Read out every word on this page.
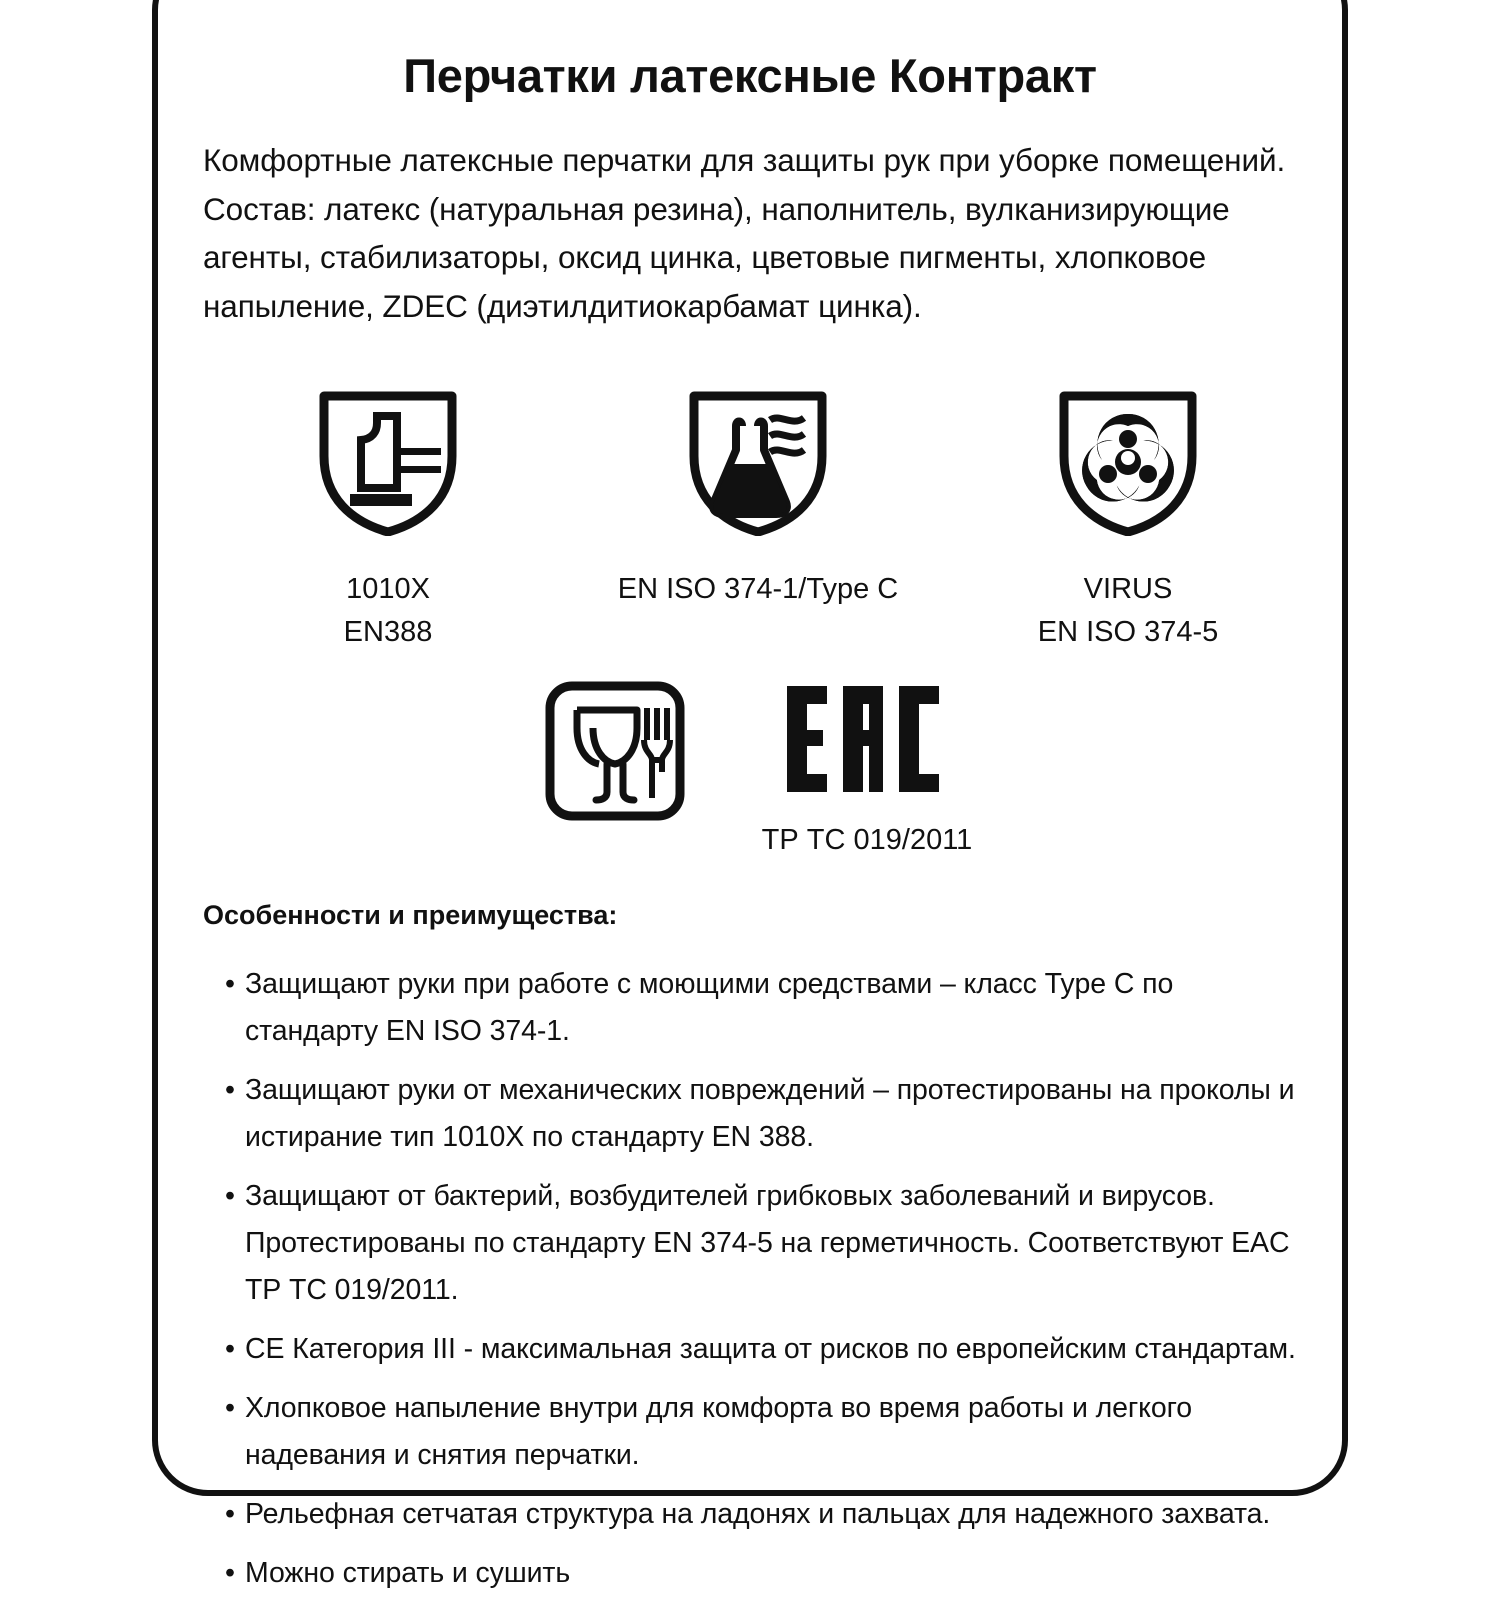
Перчатки латексные Контракт
Комфортные латексные перчатки для защиты рук при уборке помещений. Состав: латекс (натуральная резина), наполнитель, вулканизирующие агенты, стабилизаторы, оксид цинка, цветовые пигменты, хлопковое напыление, ZDEC (диэтилдитиокарбамат цинка).
1010X
EN388
EN ISO 374-1/Type C	VIRUS
EN ISO 374-5
ТР ТС 019/2011
Особенности и преимущества:
• Защищают руки при работе с моющими средствами – класс Type C по стандарту EN ISO 374-1.
• Защищают руки от механических повреждений – протестированы на проколы и истирание тип 1010X по стандарту EN 388.
• Защищают от бактерий, возбудителей грибковых заболеваний и вирусов. Протестированы по стандарту EN 374-5 на герметичность. Соответствуют EAC ТР ТС 019/2011.
• CE Категория III - максимальная защита от рисков по европейским стандартам.
• Хлопковое напыление внутри для комфорта во время работы и легкого надевания и снятия перчатки.
• Рельефная сетчатая структура на ладонях и пальцах для надежного захвата.
• Можно стирать и сушить
